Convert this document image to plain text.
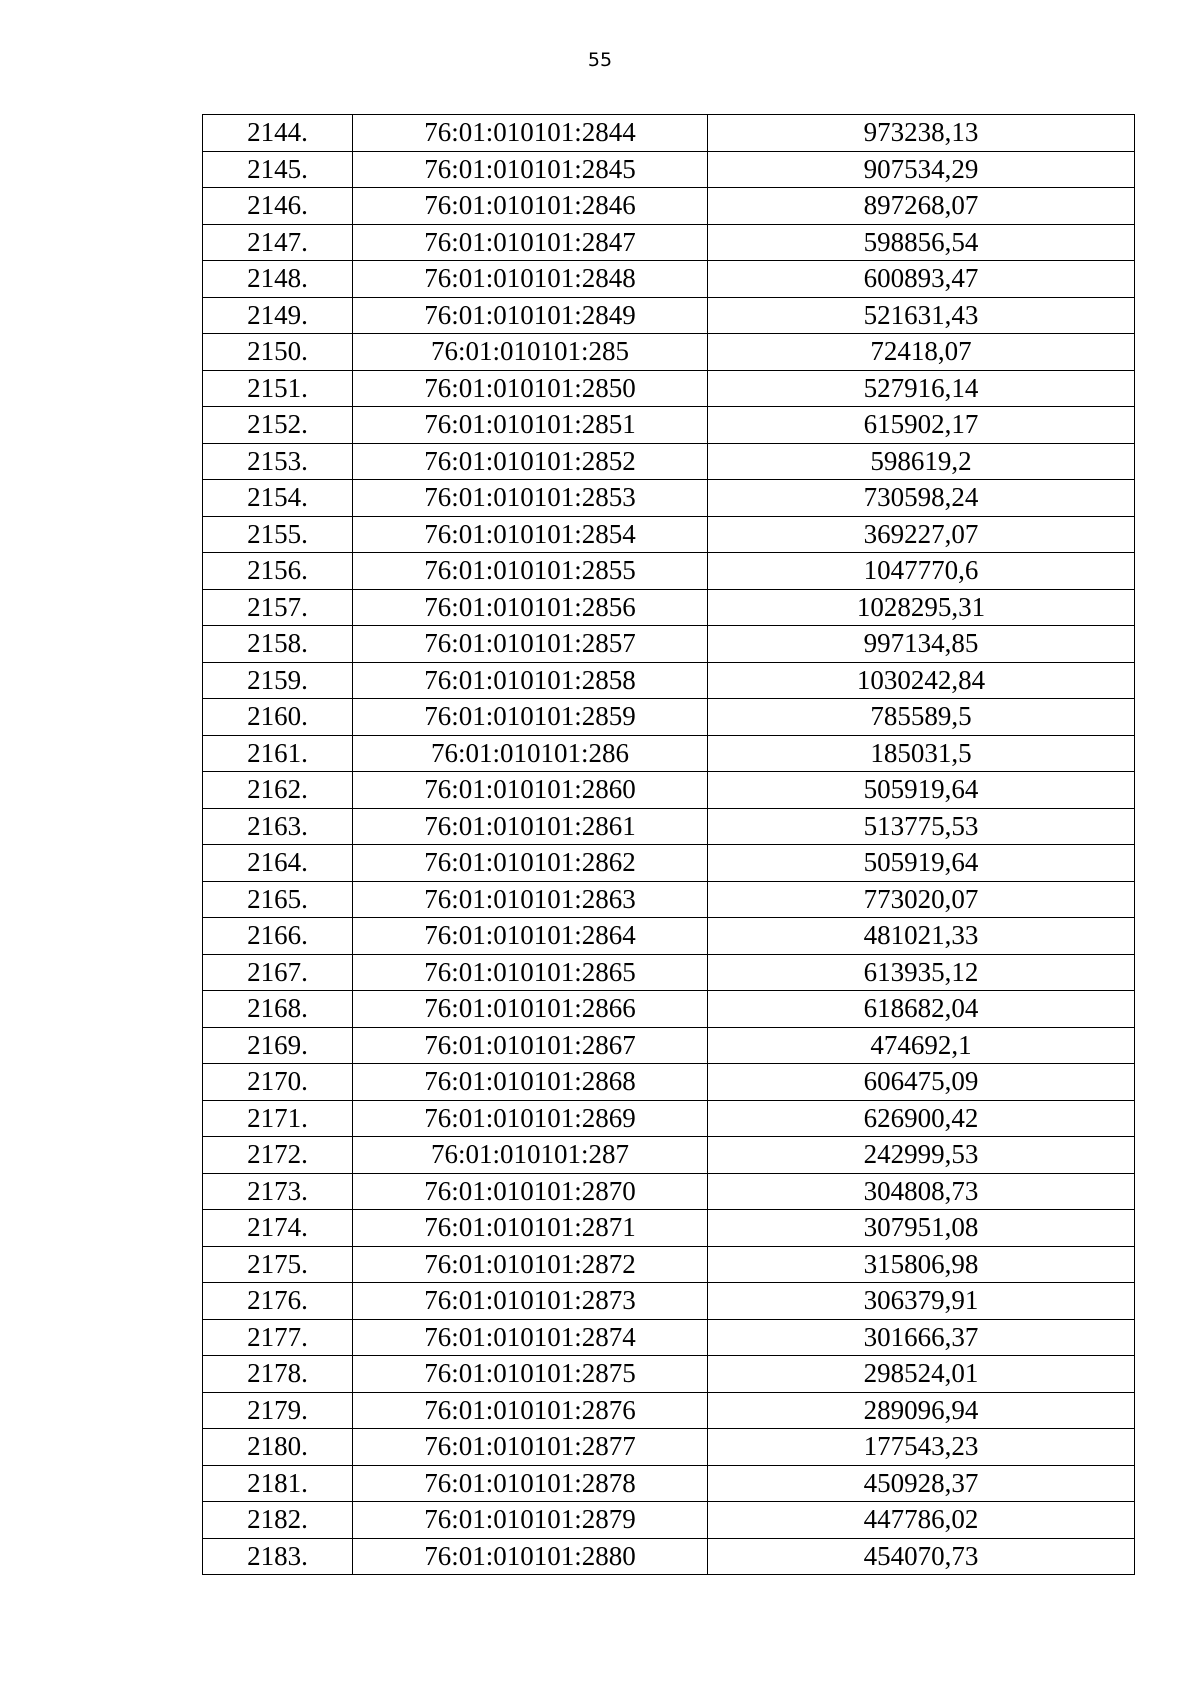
55
2144.	76:01:010101:2844	973238,13
2145.	76:01:010101:2845	907534,29
2146.	76:01:010101:2846	897268,07
2147.	76:01:010101:2847	598856,54
2148.	76:01:010101:2848	600893,47
2149.	76:01:010101:2849	521631,43
2150.	76:01:010101:285	72418,07
2151.	76:01:010101:2850	527916,14
2152.	76:01:010101:2851	615902,17
2153.	76:01:010101:2852	598619,2
2154.	76:01:010101:2853	730598,24
2155.	76:01:010101:2854	369227,07
2156.	76:01:010101:2855	1047770,6
2157.	76:01:010101:2856	1028295,31
2158.	76:01:010101:2857	997134,85
2159.	76:01:010101:2858	1030242,84
2160.	76:01:010101:2859	785589,5
2161.	76:01:010101:286	185031,5
2162.	76:01:010101:2860	505919,64
2163.	76:01:010101:2861	513775,53
2164.	76:01:010101:2862	505919,64
2165.	76:01:010101:2863	773020,07
2166.	76:01:010101:2864	481021,33
2167.	76:01:010101:2865	613935,12
2168.	76:01:010101:2866	618682,04
2169.	76:01:010101:2867	474692,1
2170.	76:01:010101:2868	606475,09
2171.	76:01:010101:2869	626900,42
2172.	76:01:010101:287	242999,53
2173.	76:01:010101:2870	304808,73
2174.	76:01:010101:2871	307951,08
2175.	76:01:010101:2872	315806,98
2176.	76:01:010101:2873	306379,91
2177.	76:01:010101:2874	301666,37
2178.	76:01:010101:2875	298524,01
2179.	76:01:010101:2876	289096,94
2180.	76:01:010101:2877	177543,23
2181.	76:01:010101:2878	450928,37
2182.	76:01:010101:2879	447786,02
2183.	76:01:010101:2880	454070,73
